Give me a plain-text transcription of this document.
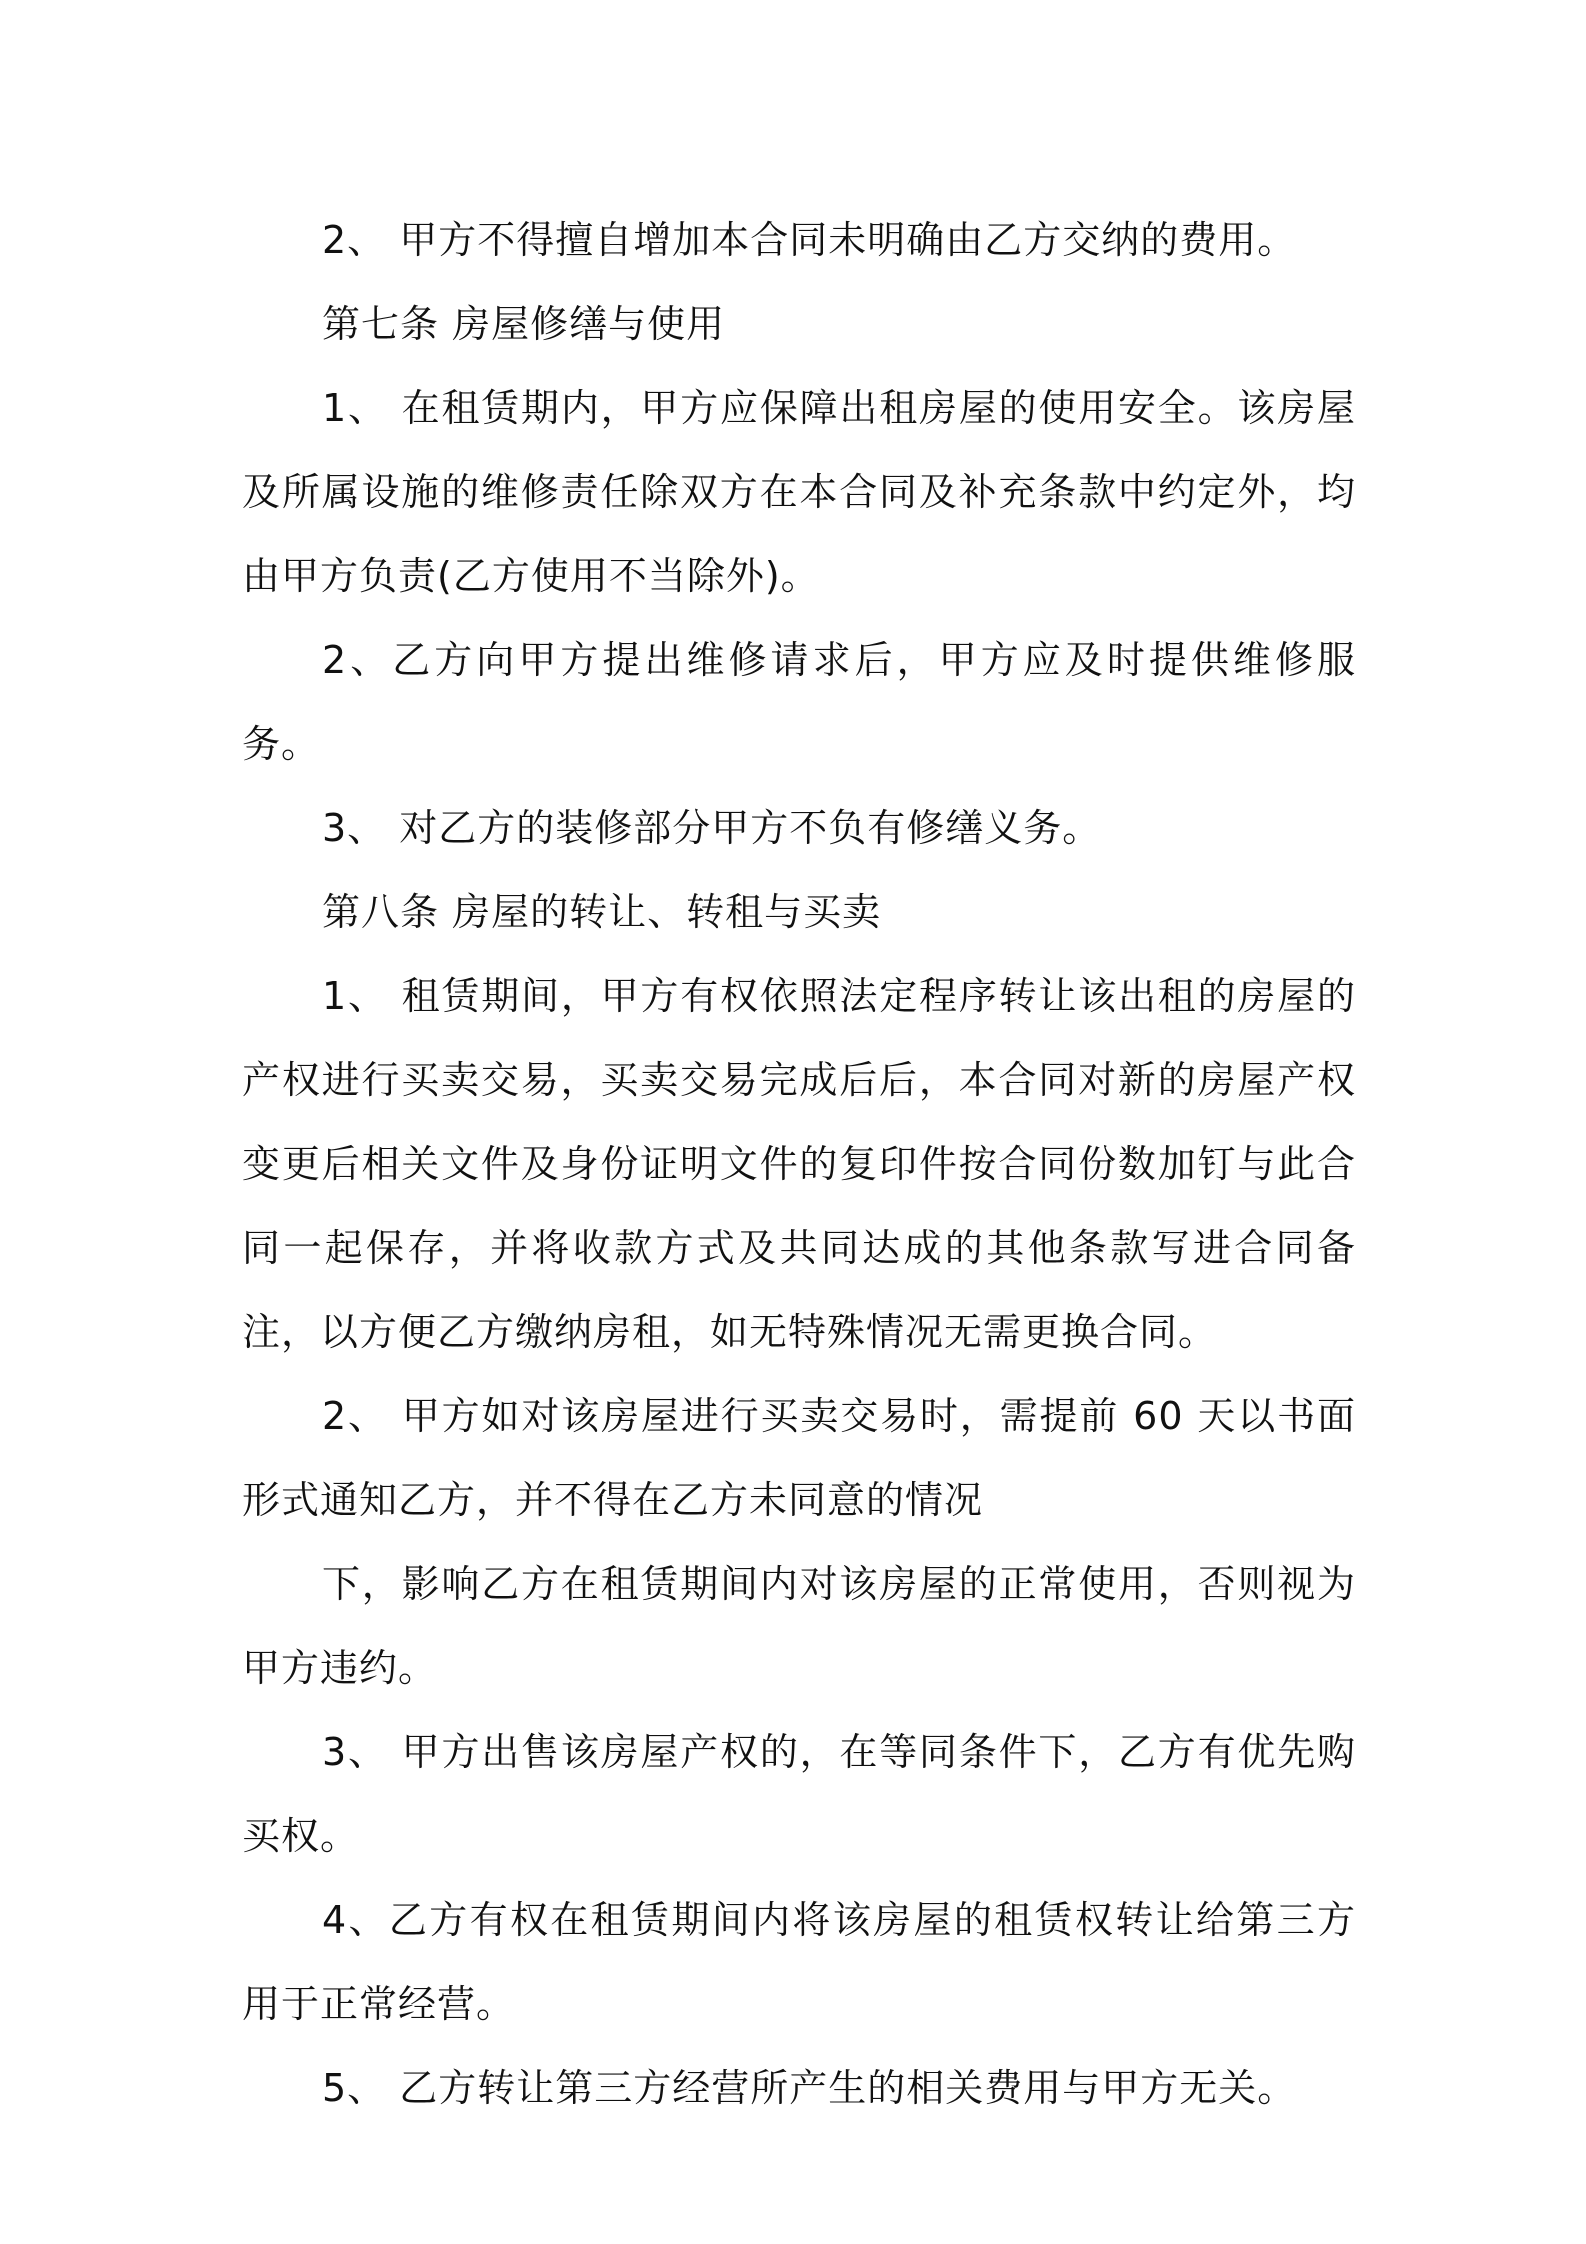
2、 甲方不得擅自增加本合同未明确由乙方交纳的费用。

第七条 房屋修缮与使用

1、 在租赁期内，甲方应保障出租房屋的使用安全。该房屋及所属设施的维修责任除双方在本合同及补充条款中约定外，均由甲方负责(乙方使用不当除外)。

2、乙方向甲方提出维修请求后，甲方应及时提供维修服务。

3、 对乙方的装修部分甲方不负有修缮义务。

第八条 房屋的转让、转租与买卖

1、 租赁期间，甲方有权依照法定程序转让该出租的房屋的产权进行买卖交易，买卖交易完成后后，本合同对新的房屋产权变更后相关文件及身份证明文件的复印件按合同份数加钉与此合同一起保存，并将收款方式及共同达成的其他条款写进合同备注，以方便乙方缴纳房租，如无特殊情况无需更换合同。

2、 甲方如对该房屋进行买卖交易时，需提前 60 天以书面形式通知乙方，并不得在乙方未同意的情况

下，影响乙方在租赁期间内对该房屋的正常使用，否则视为甲方违约。

3、 甲方出售该房屋产权的，在等同条件下，乙方有优先购买权。

4、乙方有权在租赁期间内将该房屋的租赁权转让给第三方用于正常经营。

5、 乙方转让第三方经营所产生的相关费用与甲方无关。
